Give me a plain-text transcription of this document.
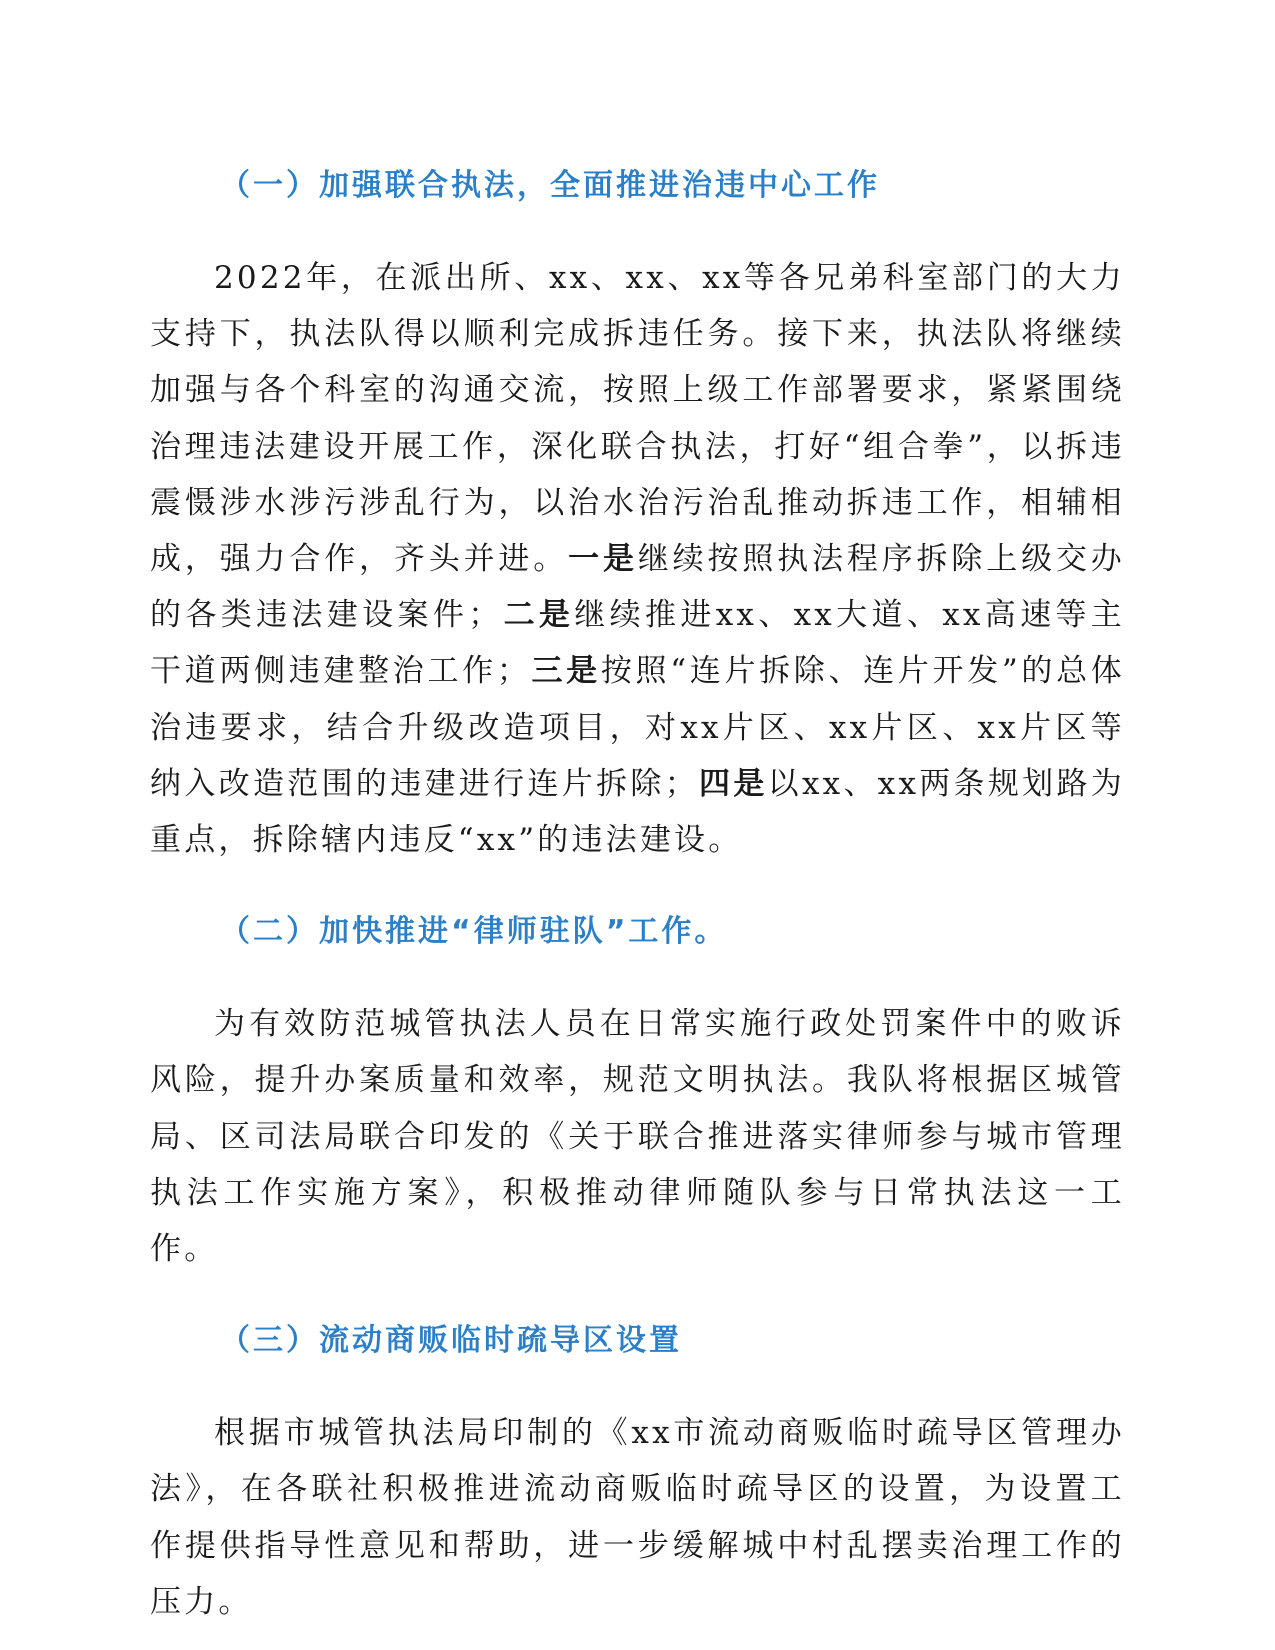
（一）加强联合执法，全面推进治违中心工作

2022年，在派出所、xx、xx、xx等各兄弟科室部门的大力支持下，执法队得以顺利完成拆违任务。接下来，执法队将继续加强与各个科室的沟通交流，按照上级工作部署要求，紧紧围绕治理违法建设开展工作，深化联合执法，打好“组合拳”，以拆违震慑涉水涉污涉乱行为，以治水治污治乱推动拆违工作，相辅相成，强力合作，齐头并进。一是继续按照执法程序拆除上级交办的各类违法建设案件；二是继续推进xx、xx大道、xx高速等主干道两侧违建整治工作；三是按照“连片拆除、连片开发”的总体治违要求，结合升级改造项目，对xx片区、xx片区、xx片区等纳入改造范围的违建进行连片拆除；四是以xx、xx两条规划路为重点，拆除辖内违反“xx”的违法建设。

（二）加快推进“律师驻队”工作。

为有效防范城管执法人员在日常实施行政处罚案件中的败诉风险，提升办案质量和效率，规范文明执法。我队将根据区城管局、区司法局联合印发的《关于联合推进落实律师参与城市管理执法工作实施方案》，积极推动律师随队参与日常执法这一工作。

（三）流动商贩临时疏导区设置

根据市城管执法局印制的《xx市流动商贩临时疏导区管理办法》，在各联社积极推进流动商贩临时疏导区的设置，为设置工作提供指导性意见和帮助，进一步缓解城中村乱摆卖治理工作的压力。
